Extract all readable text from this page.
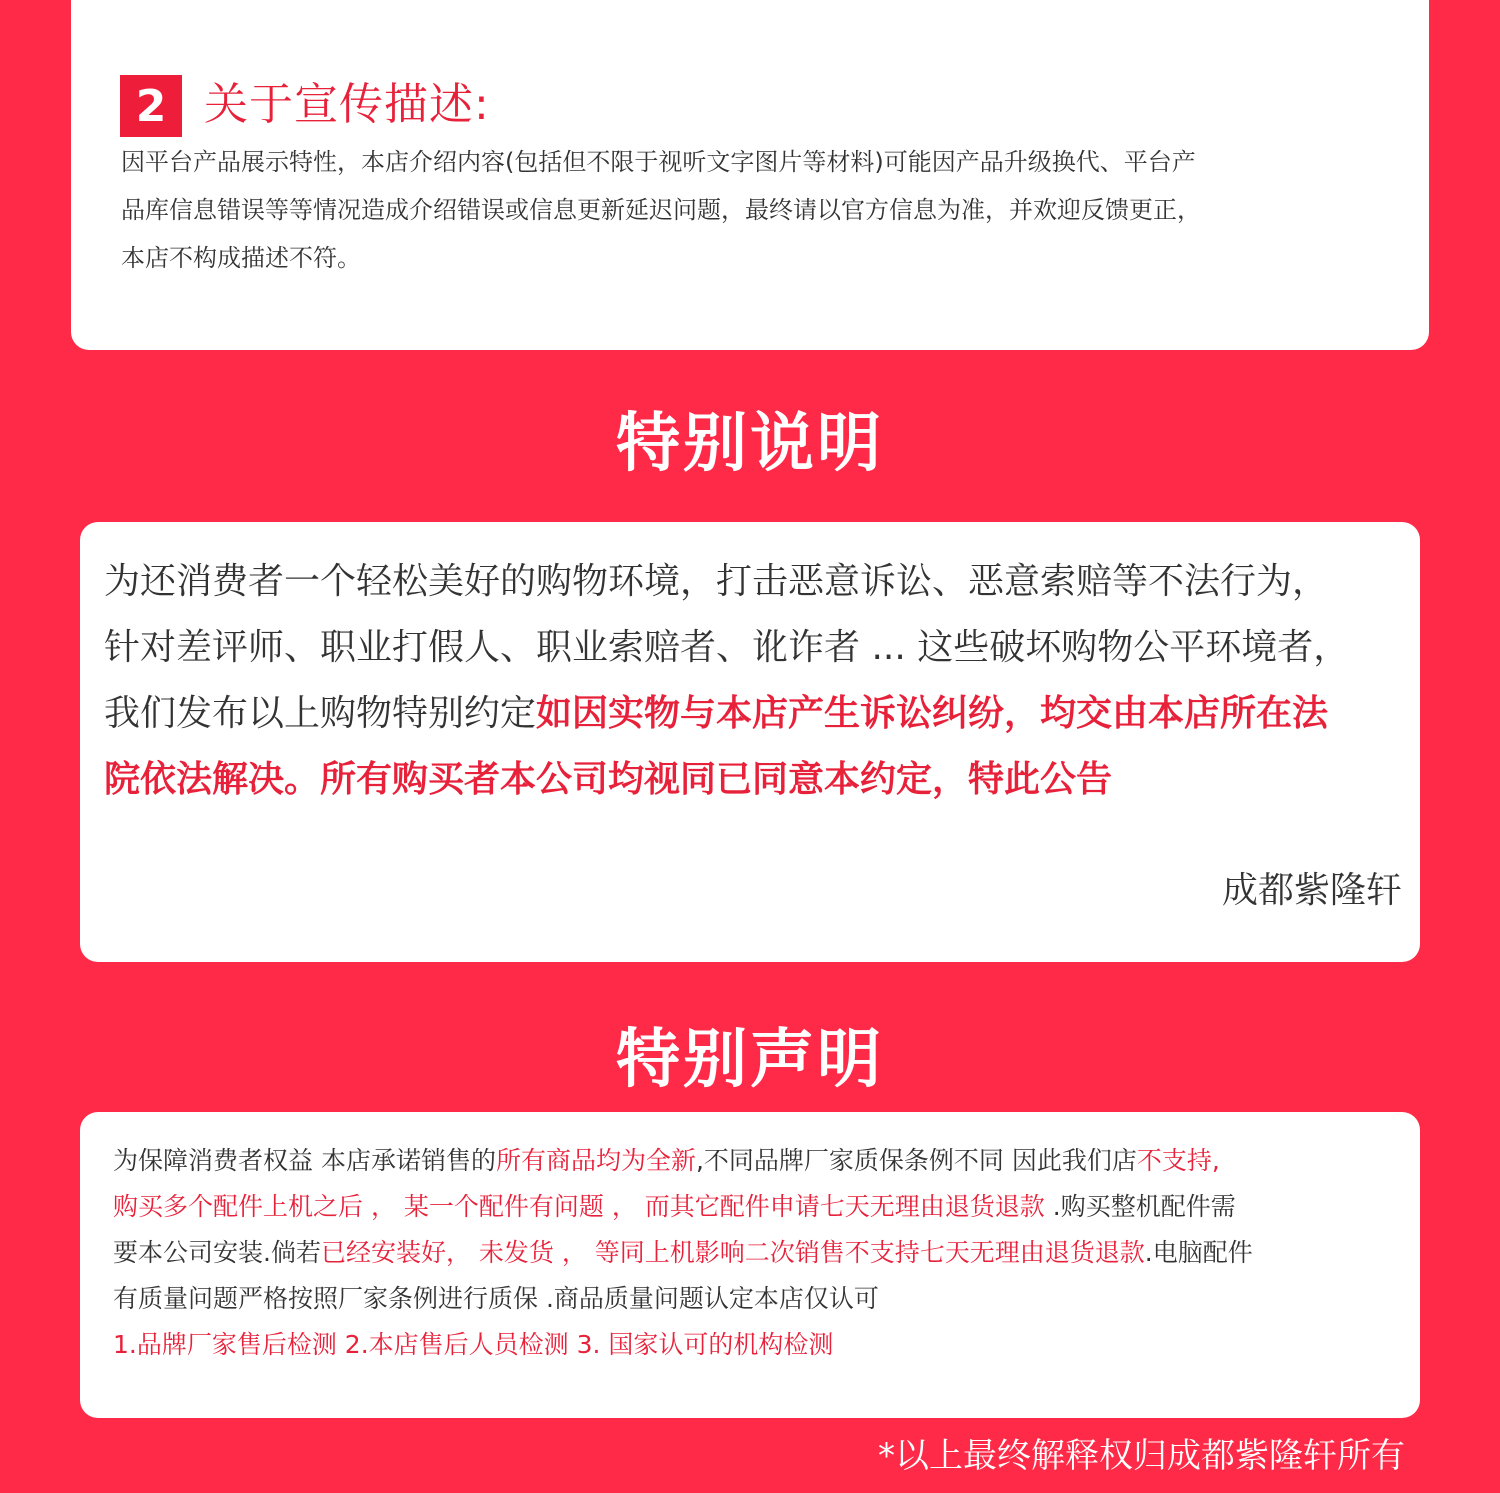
2 关于宣传描述:
因平台产品展示特性，本店介绍内容(包括但不限于视听文字图片等材料)可能因产品升级换代、平台产
品库信息错误等等情况造成介绍错误或信息更新延迟问题，最终请以官方信息为准，并欢迎反馈更正，
本店不构成描述不符。
特别说明
为还消费者一个轻松美好的购物环境，打击恶意诉讼、恶意索赔等不法行为，
针对差评师、职业打假人、职业索赔者、讹诈者 ... 这些破坏购物公平环境者，
我们发布以上购物特别约定如因实物与本店产生诉讼纠纷，均交由本店所在法
院依法解决。所有购买者本公司均视同已同意本约定，特此公告
成都紫隆轩
特别声明
为保障消费者权益 本店承诺销售的所有商品均为全新,不同品牌厂家质保条例不同 因此我们店不支持,
购买多个配件上机之后 ， 某一个配件有问题 ， 而其它配件申请七天无理由退货退款 .购买整机配件需
要本公司安装.倘若已经安装好， 未发货 ， 等同上机影响二次销售不支持七天无理由退货退款.电脑配件
有质量问题严格按照厂家条例进行质保 .商品质量问题认定本店仅认可
1.品牌厂家售后检测 2.本店售后人员检测 3. 国家认可的机构检测
*以上最终解释权归成都紫隆轩所有
